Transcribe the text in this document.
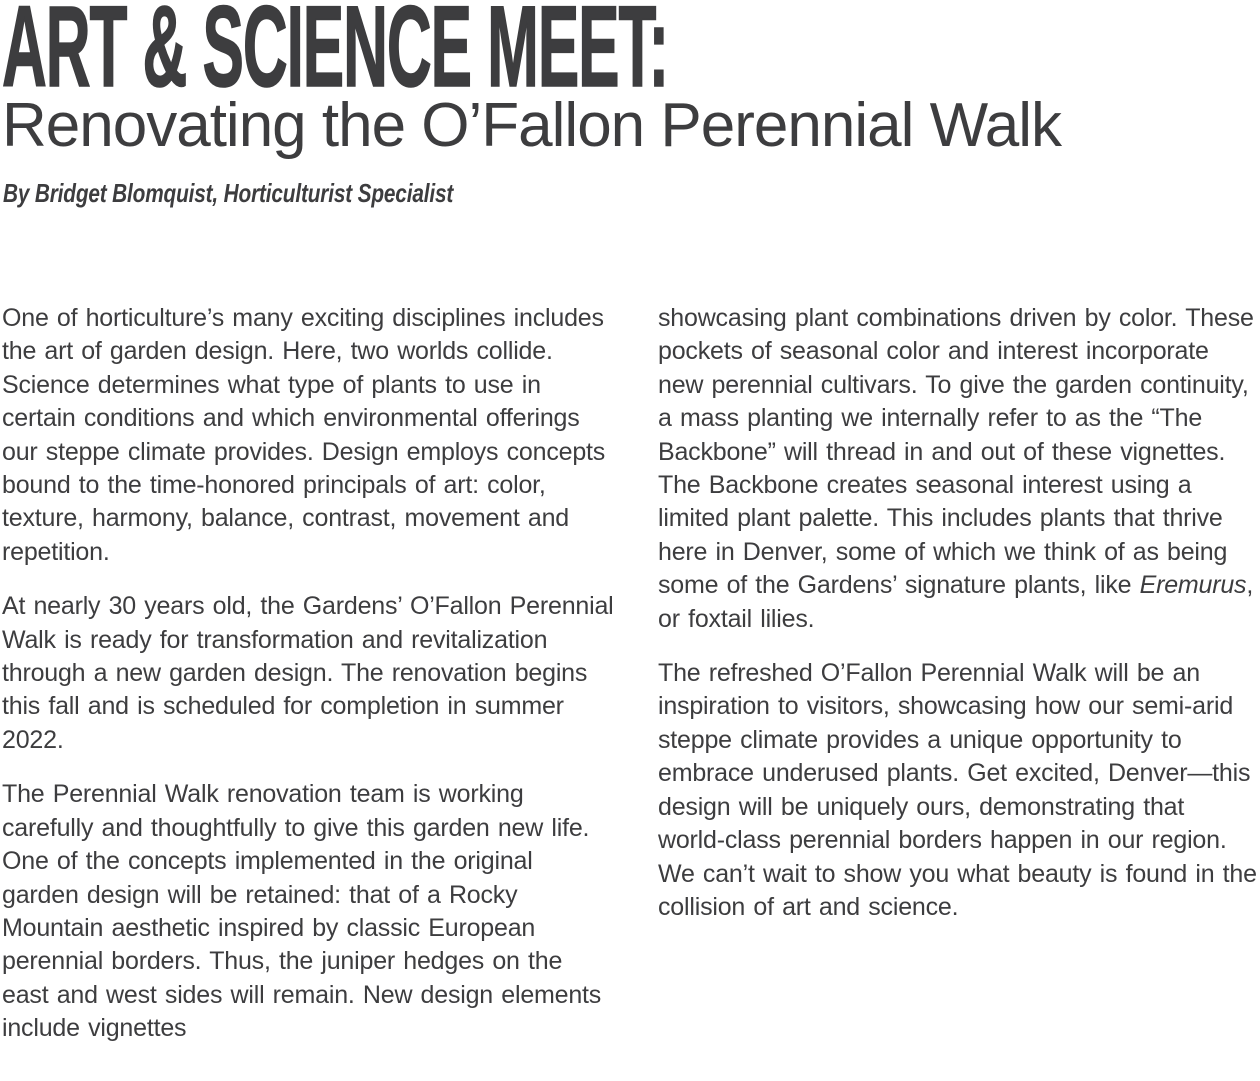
ART & SCIENCE MEET:
Renovating the O’Fallon Perennial Walk

By Bridget Blomquist, Horticulturist Specialist

One of horticulture’s many exciting disciplines includes the art of garden design. Here, two worlds collide. Science determines what type of plants to use in certain conditions and which environmental offerings our steppe climate provides. Design employs concepts bound to the time-honored principals of art: color, texture, harmony, balance, contrast, movement and repetition.

At nearly 30 years old, the Gardens’ O’Fallon Perennial Walk is ready for transformation and revitalization through a new garden design. The renovation begins this fall and is scheduled for completion in summer 2022.

The Perennial Walk renovation team is working carefully and thoughtfully to give this garden new life. One of the concepts implemented in the original garden design will be retained: that of a Rocky Mountain aesthetic inspired by classic European perennial borders. Thus, the juniper hedges on the east and west sides will remain. New design elements include vignettes

showcasing plant combinations driven by color. These pockets of seasonal color and interest incorporate new perennial cultivars. To give the garden continuity, a mass planting we internally refer to as the “The Backbone” will thread in and out of these vignettes. The Backbone creates seasonal interest using a limited plant palette. This includes plants that thrive here in Denver, some of which we think of as being some of the Gardens’ signature plants, like Eremurus, or foxtail lilies.

The refreshed O’Fallon Perennial Walk will be an inspiration to visitors, showcasing how our semi-arid steppe climate provides a unique opportunity to embrace underused plants. Get excited, Denver—this design will be uniquely ours, demonstrating that world-class perennial borders happen in our region. We can’t wait to show you what beauty is found in the collision of art and science.
